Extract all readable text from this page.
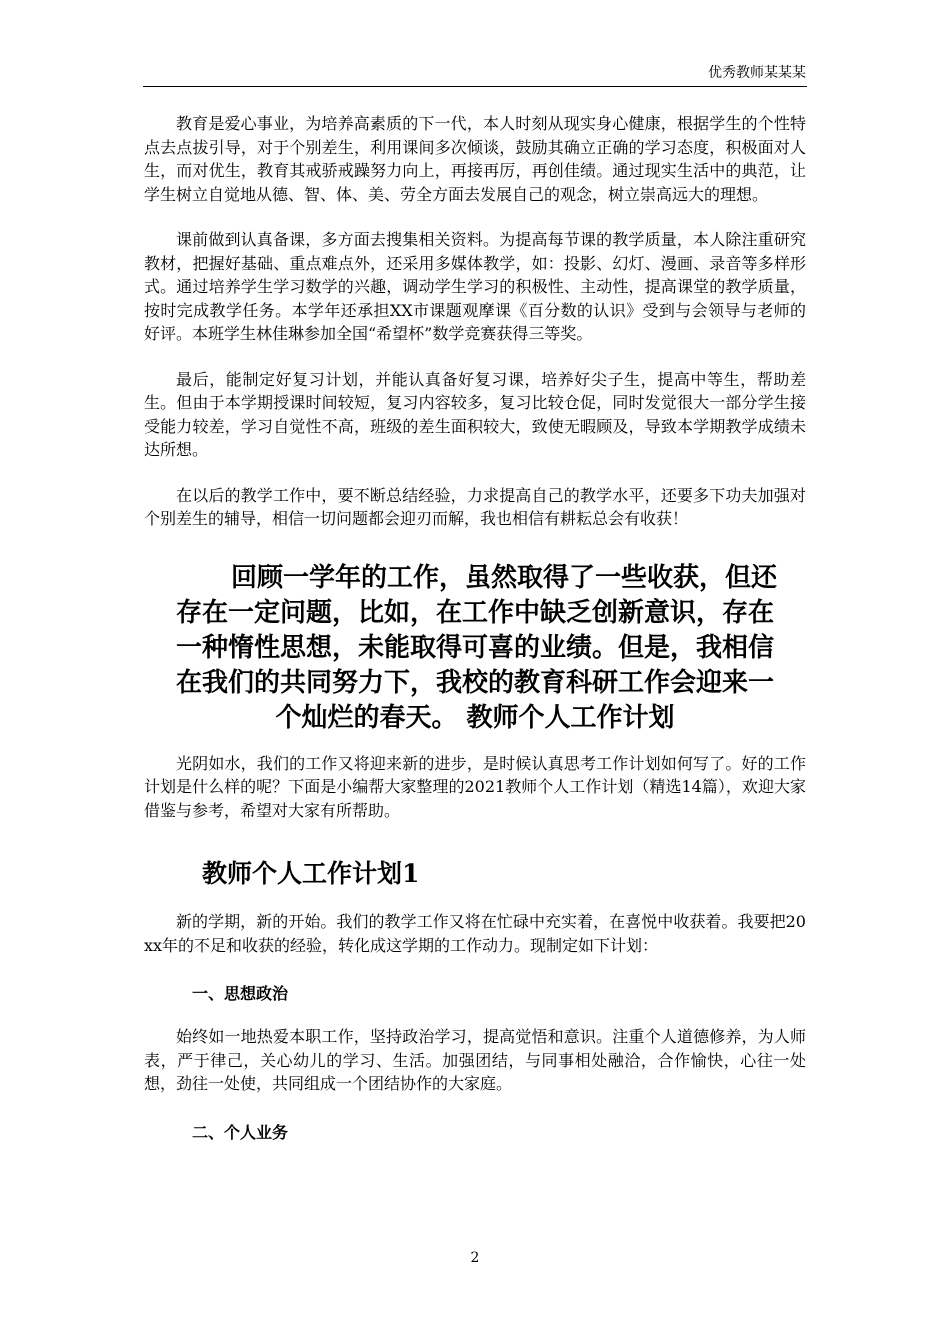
优秀教师某某某

教育是爱心事业，为培养高素质的下一代，本人时刻从现实身心健康，根据学生的个性特点去点拔引导，对于个别差生，利用课间多次倾谈，鼓励其确立正确的学习态度，积极面对人生，而对优生，教育其戒骄戒躁努力向上，再接再厉，再创佳绩。通过现实生活中的典范，让学生树立自觉地从德、智、体、美、劳全方面去发展自己的观念，树立崇高远大的理想。

课前做到认真备课，多方面去搜集相关资料。为提高每节课的教学质量，本人除注重研究教材，把握好基础、重点难点外，还采用多媒体教学，如：投影、幻灯、漫画、录音等多样形式。通过培养学生学习数学的兴趣，调动学生学习的积极性、主动性，提高课堂的教学质量，按时完成教学任务。本学年还承担XX市课题观摩课《百分数的认识》受到与会领导与老师的好评。本班学生林佳琳参加全国“希望杯”数学竞赛获得三等奖。

最后，能制定好复习计划，并能认真备好复习课，培养好尖子生，提高中等生，帮助差生。但由于本学期授课时间较短，复习内容较多，复习比较仓促，同时发觉很大一部分学生接受能力较差，学习自觉性不高，班级的差生面积较大，致使无暇顾及，导致本学期教学成绩未达所想。

在以后的教学工作中，要不断总结经验，力求提高自己的教学水平，还要多下功夫加强对个别差生的辅导，相信一切问题都会迎刃而解，我也相信有耕耘总会有收获！

回顾一学年的工作，虽然取得了一些收获，但还
存在一定问题，比如，在工作中缺乏创新意识，存在
一种惰性思想，未能取得可喜的业绩。但是，我相信
在我们的共同努力下，我校的教育科研工作会迎来一
个灿烂的春天。 教师个人工作计划

光阴如水，我们的工作又将迎来新的进步，是时候认真思考工作计划如何写了。好的工作计划是什么样的呢？下面是小编帮大家整理的2021教师个人工作计划（精选14篇），欢迎大家借鉴与参考，希望对大家有所帮助。

教师个人工作计划1

新的学期，新的开始。我们的教学工作又将在忙碌中充实着，在喜悦中收获着。我要把20xx年的不足和收获的经验，转化成这学期的工作动力。现制定如下计划：

一、思想政治

始终如一地热爱本职工作，坚持政治学习，提高觉悟和意识。注重个人道德修养，为人师表，严于律己，关心幼儿的学习、生活。加强团结，与同事相处融洽，合作愉快，心往一处想，劲往一处使，共同组成一个团结协作的大家庭。

二、个人业务
2
